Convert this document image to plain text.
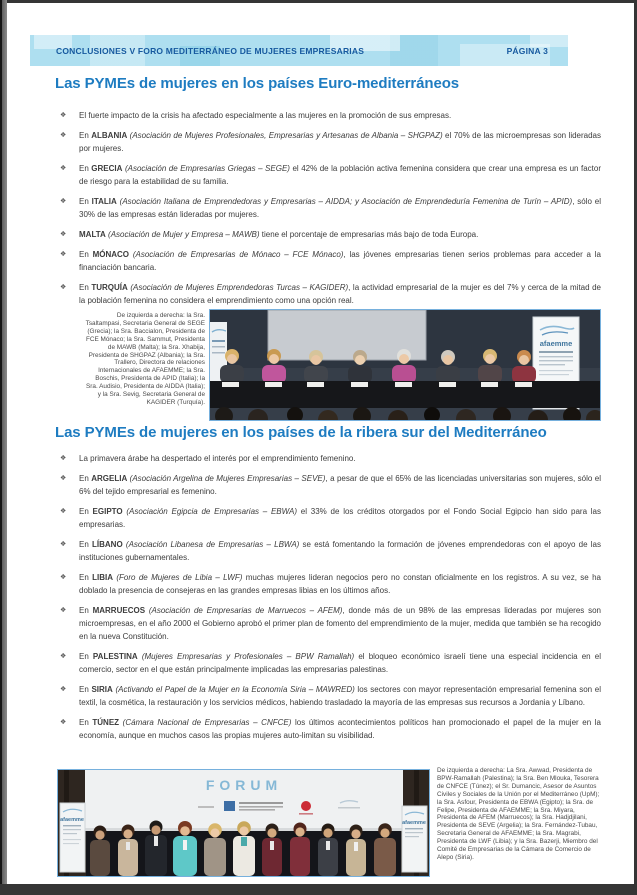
CONCLUSIONES V FORO MEDITERRÁNEO DE MUJERES EMPRESARIAS	PÁGINA 3
Las PYMEs de mujeres en los países Euro-mediterráneos
❖ El fuerte impacto de la crisis ha afectado especialmente a las mujeres en la promoción de sus empresas.
❖ En ALBANIA (Asociación de Mujeres Profesionales, Empresarias y Artesanas de Albania – SHGPAZ) el 70% de las microempresas son lideradas por mujeres.
❖ En GRECIA (Asociación de Empresarias Griegas – SEGE) el 42% de la población activa femenina considera que crear una empresa es un factor de riesgo para la estabilidad de su familia.
❖ En ITALIA (Asociación Italiana de Emprendedoras y Empresarias – AIDDA; y Asociación de Emprendeduría Femenina de Turín – APID), sólo el 30% de las empresas están lideradas por mujeres.
❖ MALTA (Asociación de Mujer y Empresa – MAWB) tiene el porcentaje de empresarias más bajo de toda Europa.
❖ En MÓNACO (Asociación de Empresarias de Mónaco – FCE Mónaco), las jóvenes empresarias tienen serios problemas para acceder a la financiación bancaria.
❖ En TURQUÍA (Asociación de Mujeres Emprendedoras Turcas – KAGIDER), la actividad empresarial de la mujer es del 7% y cerca de la mitad de la población femenina no considera el emprendimiento como una opción real.
De izquierda a derecha: la Sra. Tsaltampasi, Secretaria General de SEGE (Grecia); la Sra. Baccialon, Presidenta de FCE Mónaco; la Sra. Sammut, Presidenta de MAWB (Malta); la Sra. Xhabija, Presidenta de SHGPAZ (Albania); la Sra. Trallero, Directora de relaciones Internacionales de AFAEMME; la Sra. Boschis, Presidenta de APID (Italia); la Sra. Audisio, Presidenta de AIDDA (Italia); y la Sra. Sevig, Secretaria General de KAGIDER (Turquía).
afaemme
Las PYMEs de mujeres en los países de la ribera sur del Mediterráneo
❖ La primavera árabe ha despertado el interés por el emprendimiento femenino.
❖ En ARGELIA (Asociación Argelina de Mujeres Empresarias – SEVE), a pesar de que el 65% de las licenciadas universitarias son mujeres, sólo el 6% del tejido empresarial es femenino.
❖ En EGIPTO (Asociación Egipcia de Empresarias – EBWA) el 33% de los créditos otorgados por el Fondo Social Egipcio han sido para las empresarias.
❖ En LÍBANO (Asociación Libanesa de Empresarias – LBWA) se está fomentando la formación de jóvenes emprendedoras con el apoyo de las instituciones gubernamentales.
❖ En LIBIA (Foro de Mujeres de Libia – LWF) muchas mujeres lideran negocios pero no constan oficialmente en los registros. A su vez, se ha doblado la presencia de consejeras en las grandes empresas libias en los últimos años.
❖ En MARRUECOS (Asociación de Empresarias de Marruecos – AFEM), donde más de un 98% de las empresas lideradas por mujeres son microempresas, en el año 2000 el Gobierno aprobó el primer plan de fomento del emprendimiento de la mujer, medida que también se ha recogido en la nueva Constitución.
❖ En PALESTINA (Mujeres Empresarias y Profesionales – BPW Ramallah) el bloqueo económico israelí tiene una especial incidencia en el comercio, sector en el que están principalmente implicadas las empresarias palestinas.
❖ En SIRIA (Activando el Papel de la Mujer en la Economía Siria – MAWRED) los sectores con mayor representación empresarial femenina son el textil, la cosmética, la restauración y los servicios médicos, habiendo trasladado la mayoría de las empresas sus recursos a Jordania y Líbano.
❖ En TÚNEZ (Cámara Nacional de Empresarias – CNFCE) los últimos acontecimientos políticos han promocionado el papel de la mujer en la economía, aunque en muchos casos las propias mujeres auto-limitan su visibilidad.
FORUM
afaemme	afaemme
De izquierda a derecha: La Sra. Awwad, Presidenta de BPW-Ramallah (Palestina); la Sra. Ben Mlouka, Tesorera de CNFCE (Túnez); el Sr. Dumancic, Asesor de Asuntos Civiles y Sociales de la Unión por el Mediterráneo (UpM); la Sra. Asfour, Presidenta de EBWA (Egipto); la Sra. de Felipe, Presidenta de AFAEMME; la Sra. Miyara, Presidenta de AFEM (Marruecos); la Sra. Hadjdjilani, Presidenta de SEVE (Argelia); la Sra. Fernández-Tubau, Secretaria General de AFAEMME; la Sra. Magrabi, Presidenta de LWF (Libia); y la Sra. Bazerji, Miembro del Comité de Empresarias de la Cámara de Comercio de Alepo (Siria).
